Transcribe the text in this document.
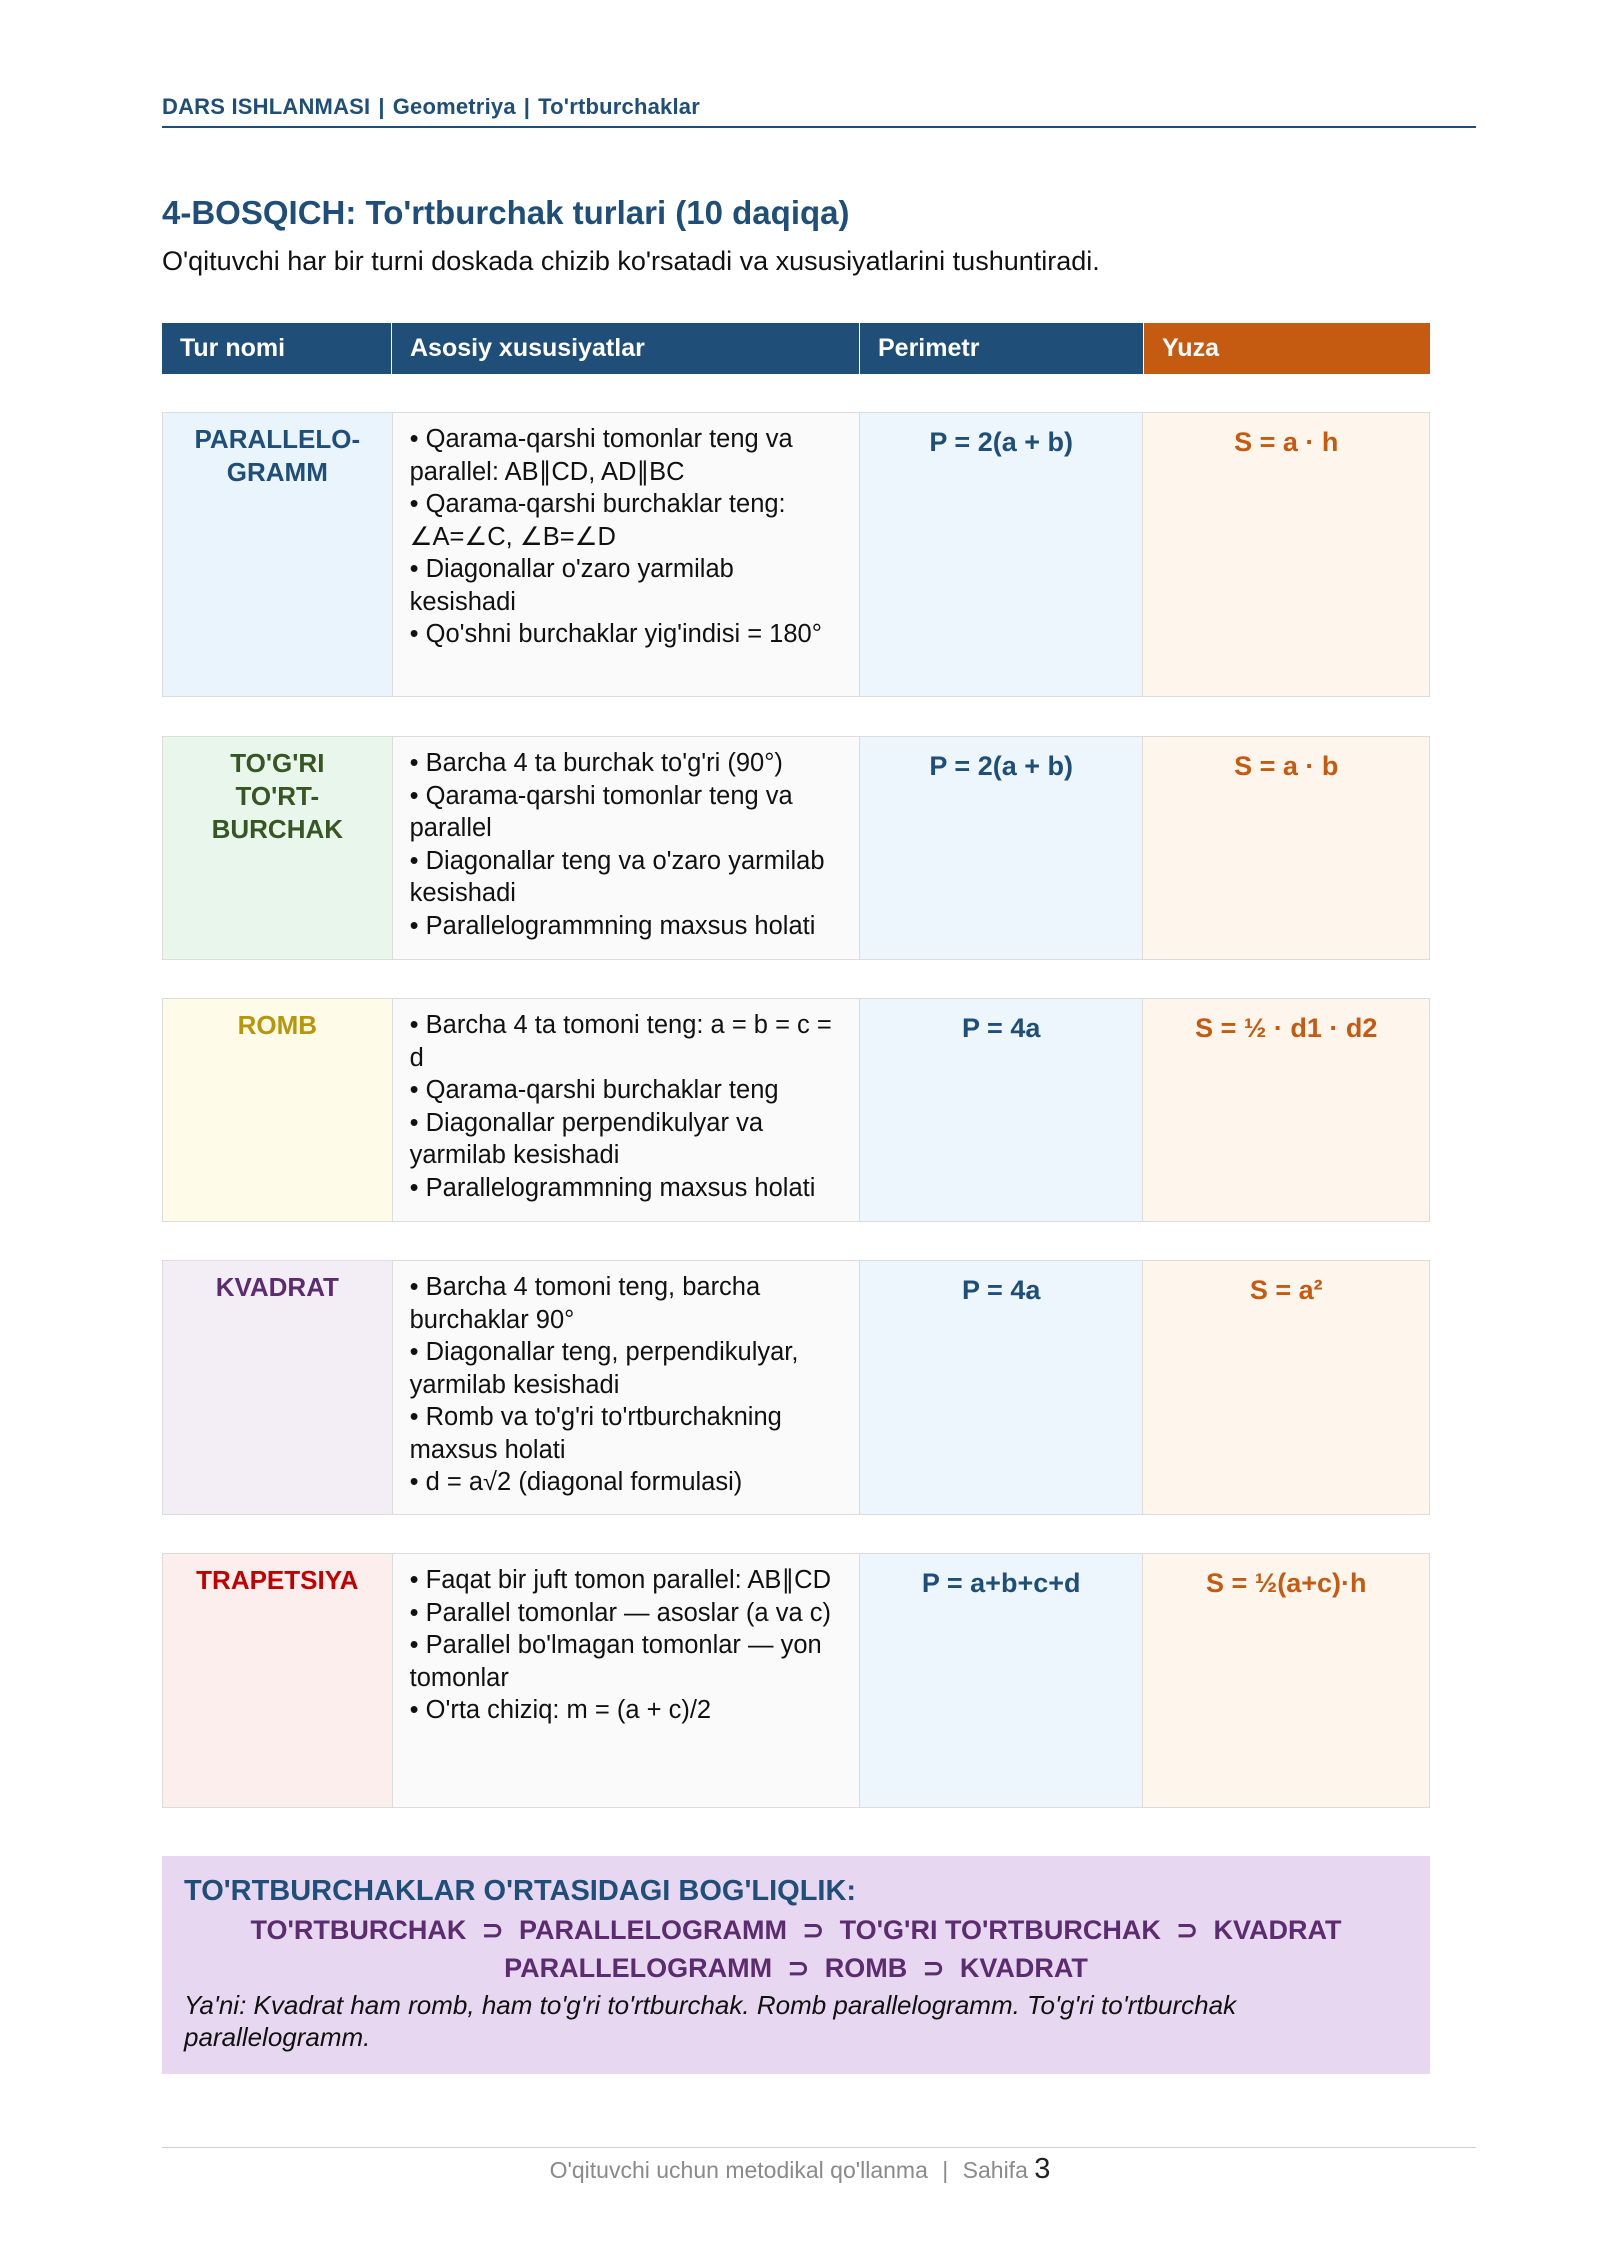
DARS ISHLANMASI | Geometriya | To'rtburchaklar
4-BOSQICH: To'rtburchak turlari (10 daqiqa)
O'qituvchi har bir turni doskada chizib ko'rsatadi va xususiyatlarini tushuntiradi.
Tur nomi	Asosiy xususiyatlar	Perimetr	Yuza
PARALLELO-
GRAMM
• Qarama-qarshi tomonlar teng va parallel: AB∥CD, AD∥BC
• Qarama-qarshi burchaklar teng: ∠A=∠C, ∠B=∠D
• Diagonallar o'zaro yarmilab kesishadi
• Qo'shni burchaklar yig'indisi = 180°
P = 2(a + b)	S = a · h
TO'G'RI
TO'RT-
BURCHAK
• Barcha 4 ta burchak to'g'ri (90°)
• Qarama-qarshi tomonlar teng va parallel
• Diagonallar teng va o'zaro yarmilab kesishadi
• Parallelogrammning maxsus holati
P = 2(a + b)	S = a · b
ROMB	• Barcha 4 ta tomoni teng: a = b = c = d
• Qarama-qarshi burchaklar teng
• Diagonallar perpendikulyar va yarmilab kesishadi
• Parallelogrammning maxsus holati
P = 4a	S = ½ · d1 · d2
KVADRAT	• Barcha 4 tomoni teng, barcha burchaklar 90°
• Diagonallar teng, perpendikulyar, yarmilab kesishadi
• Romb va to'g'ri to'rtburchakning maxsus holati
• d = a√2 (diagonal formulasi)
P = 4a	S = a²
TRAPETSIYA	• Faqat bir juft tomon parallel: AB∥CD
• Parallel tomonlar — asoslar (a va c)
• Parallel bo'lmagan tomonlar — yon tomonlar
• O'rta chiziq: m = (a + c)/2
P = a+b+c+d	S = ½(a+c)·h
TO'RTBURCHAKLAR O'RTASIDAGI BOG'LIQLIK:
TO'RTBURCHAK  ⊃  PARALLELOGRAMM  ⊃  TO'G'RI TO'RTBURCHAK  ⊃  KVADRAT
PARALLELOGRAMM  ⊃  ROMB  ⊃  KVADRAT
Ya'ni: Kvadrat ham romb, ham to'g'ri to'rtburchak. Romb parallelogramm. To'g'ri to'rtburchak parallelogramm.
O'qituvchi uchun metodikal qo'llanma | Sahifa 3
